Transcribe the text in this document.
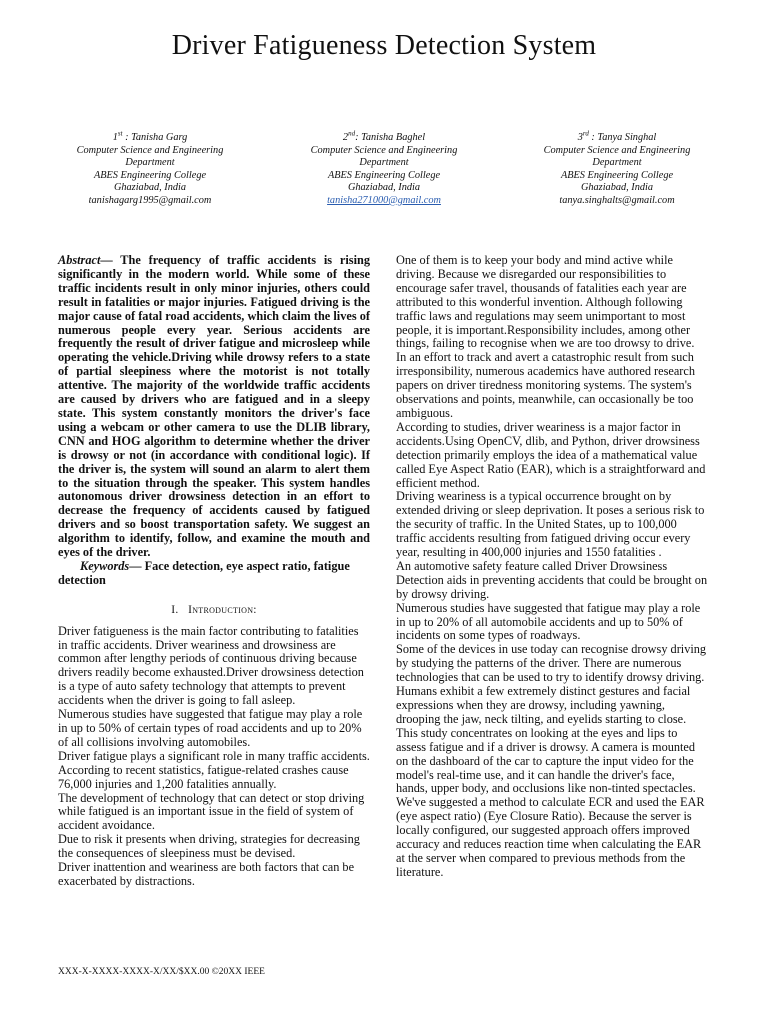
Driver Fatigueness Detection System
1st : Tanisha Garg
Computer Science and Engineering
Department
ABES Engineering College
Ghaziabad, India
tanishagarg1995@gmail.com
2nd: Tanisha Baghel
Computer Science and Engineering
Department
ABES Engineering College
Ghaziabad, India
tanisha271000@gmail.com
3rd : Tanya Singhal
Computer Science and Engineering
Department
ABES Engineering College
Ghaziabad, India
tanya.singhalts@gmail.com

Abstract— The frequency of traffic accidents is rising significantly in the modern world. While some of these traffic incidents result in only minor injuries, others could result in fatalities or major injuries. Fatigued driving is the major cause of fatal road accidents, which claim the lives of numerous people every year. Serious accidents are frequently the result of driver fatigue and microsleep while operating the vehicle.Driving while drowsy refers to a state of partial sleepiness where the motorist is not totally attentive. The majority of the worldwide traffic accidents are caused by drivers who are fatigued and in a sleepy state. This system constantly monitors the driver's face using a webcam or other camera to use the DLIB library, CNN and HOG algorithm to determine whether the driver is drowsy or not (in accordance with conditional logic). If the driver is, the system will sound an alarm to alert them to the situation through the speaker. This system handles autonomous driver drowsiness detection in an effort to decrease the frequency of accidents caused by fatigued drivers and so boost transportation safety. We suggest an algorithm to identify, follow, and examine the mouth and eyes of the driver.

Keywords— Face detection, eye aspect ratio, fatigue detection

I. Introduction:

Driver fatigueness is the main factor contributing to fatalities in traffic accidents. Driver weariness and drowsiness are common after lengthy periods of continuous driving because drivers readily become exhausted.Driver drowsiness detection is a type of auto safety technology that attempts to prevent accidents when the driver is going to fall asleep.

Numerous studies have suggested that fatigue may play a role in up to 50% of certain types of road accidents and up to 20% of all collisions involving automobiles.

Driver fatigue plays a significant role in many traffic accidents. According to recent statistics, fatigue-related crashes cause 76,000 injuries and 1,200 fatalities annually.

The development of technology that can detect or stop driving while fatigued is an important issue in the field of system of accident avoidance.

Due to risk it presents when driving, strategies for decreasing the consequences of sleepiness must be devised.

Driver inattention and weariness are both factors that can be exacerbated by distractions.

One of them is to keep your body and mind active while driving. Because we disregarded our responsibilities to encourage safer travel, thousands of fatalities each year are attributed to this wonderful invention. Although following traffic laws and regulations may seem unimportant to most people, it is important.Responsibility includes, among other things, failing to recognise when we are too drowsy to drive.

In an effort to track and avert a catastrophic result from such irresponsibility, numerous academics have authored research papers on driver tiredness monitoring systems. The system's observations and points, meanwhile, can occasionally be too ambiguous.

According to studies, driver weariness is a major factor in accidents.Using OpenCV, dlib, and Python, driver drowsiness detection primarily employs the idea of a mathematical value called Eye Aspect Ratio (EAR), which is a straightforward and efficient method.

Driving weariness is a typical occurrence brought on by extended driving or sleep deprivation. It poses a serious risk to the security of traffic. In the United States, up to 100,000 traffic accidents resulting from fatigued driving occur every year, resulting in 400,000 injuries and 1550 fatalities .

An automotive safety feature called Driver Drowsiness Detection aids in preventing accidents that could be brought on by drowsy driving.

Numerous studies have suggested that fatigue may play a role in up to 20% of all automobile accidents and up to 50% of incidents on some types of roadways.

Some of the devices in use today can recognise drowsy driving by studying the patterns of the driver. There are numerous technologies that can be used to try to identify drowsy driving.

Humans exhibit a few extremely distinct gestures and facial expressions when they are drowsy, including yawning, drooping the jaw, neck tilting, and eyelids starting to close. This study concentrates on looking at the eyes and lips to assess fatigue and if a driver is drowsy. A camera is mounted on the dashboard of the car to capture the input video for the model's real-time use, and it can handle the driver's face, hands, upper body, and occlusions like non-tinted spectacles.

We've suggested a method to calculate ECR and used the EAR (eye aspect ratio) (Eye Closure Ratio). Because the server is locally configured, our suggested approach offers improved accuracy and reduces reaction time when calculating the EAR at the server when compared to previous methods from the literature.

XXX-X-XXXX-XXXX-X/XX/$XX.00 ©20XX IEEE
